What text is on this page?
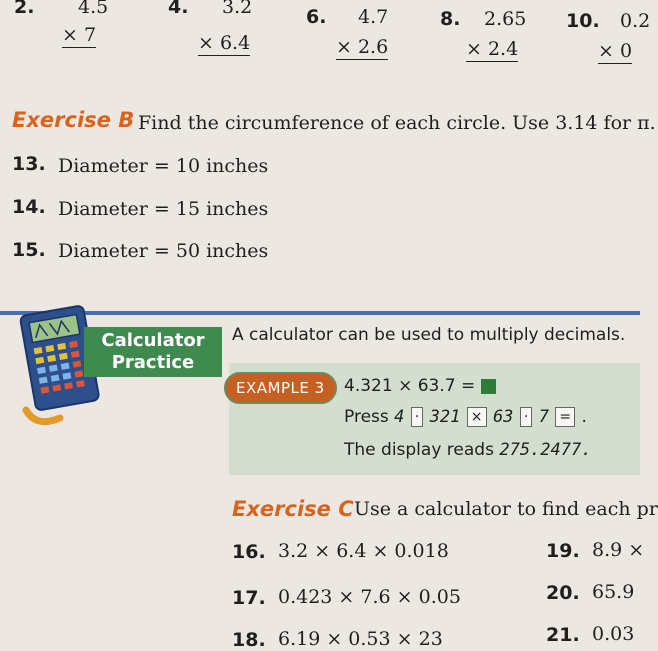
2. 4.5
× 7
4. 3.2
× 6.4
6. 4.7
× 2.6
8. 2.65
× 2.4
10. 0.2
× 0
Exercise B Find the circumference of each circle. Use 3.14 for π.
13. Diameter = 10 inches
14. Diameter = 15 inches
15. Diameter = 50 inches
Calculator
Practice
A calculator can be used to multiply decimals.
EXAMPLE 3	4.321 × 63.7 =
Press 4 · 321 × 63 · 7 = .
The display reads 275.2477.
Exercise C Use a calculator to find each pr
16. 3.2 × 6.4 × 0.018
17. 0.423 × 7.6 × 0.05
18. 6.19 × 0.53 × 23
19. 8.9 ×
20. 65.9
21. 0.03
